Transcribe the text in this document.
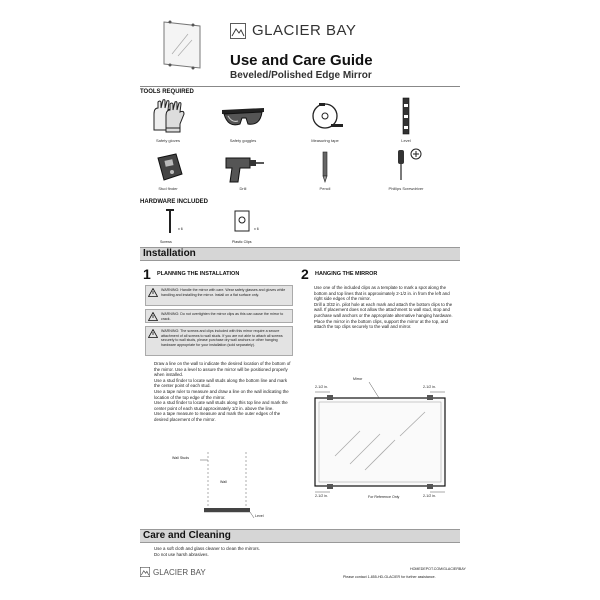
GLACIER BAY
Use and Care Guide
Beveled/Polished Edge Mirror
TOOLS REQUIRED
Safety gloves	Safety goggles	Measuring tape	Level
Stud finder	Drill	Pencil	Phillips Screwdriver
HARDWARE INCLUDED
x 6
Screws
x 6
Plastic Clips
Installation
1 PLANNING THE INSTALLATION
WARNING: Handle the mirror with care. Wear safety glasses and gloves while handling and installing the mirror. Install on a flat surface only.
WARNING: Do not overtighten the mirror clips as this can cause the mirror to crack.
WARNING: The screws and clips included with this mirror require a secure attachment of all screws to wall studs. If you are not able to attach all screws securely to wall studs, please purchase dry wall anchors or other hanging hardware appropriate for your installation (sold separately).
Draw a line on the wall to indicate the desired location of the bottom of the mirror. Use a level to assure the mirror will be positioned properly when installed.
Use a stud finder to locate wall studs along the bottom line and mark the center point of each stud.
Use a tape ruler to measure and draw a line on the wall indicating the location of the top edge of the mirror.
Use a stud finder to locate wall studs along this top line and mark the center point of each stud approximately 1/2 in. above the line.
Use a tape measure to measure and mark the outer edges of the desired placement of the mirror.
Wall Studs
Wall
Level
2 HANGING THE MIRROR
Use one of the included clips as a template to mark a spot along the bottom and top lines that is approximately 2-1/2 in. in from the left and right side edges of the mirror.
Drill a 3/32 in. pilot hole at each mark and attach the bottom clips to the wall. If placement does not allow the attachment to wall stud, stop and purchase wall anchors or the appropriate alternative hanging hardware.
Place the mirror in the bottom clips, support the mirror at the top, and attach the top clips securely to the wall and mirror.
Mirror
2-1/2 in.	2-1/2 in.
2-1/2 in.	2-1/2 in.
For Reference Only
Care and Cleaning
Use a soft cloth and glass cleaner to clean the mirrors.
Do not use harsh abrasives.
GLACIER BAY	HOMEDEPOT.COM/GLACIERBAY
Please contact 1-855-HD-GLACIER for further assistance.
